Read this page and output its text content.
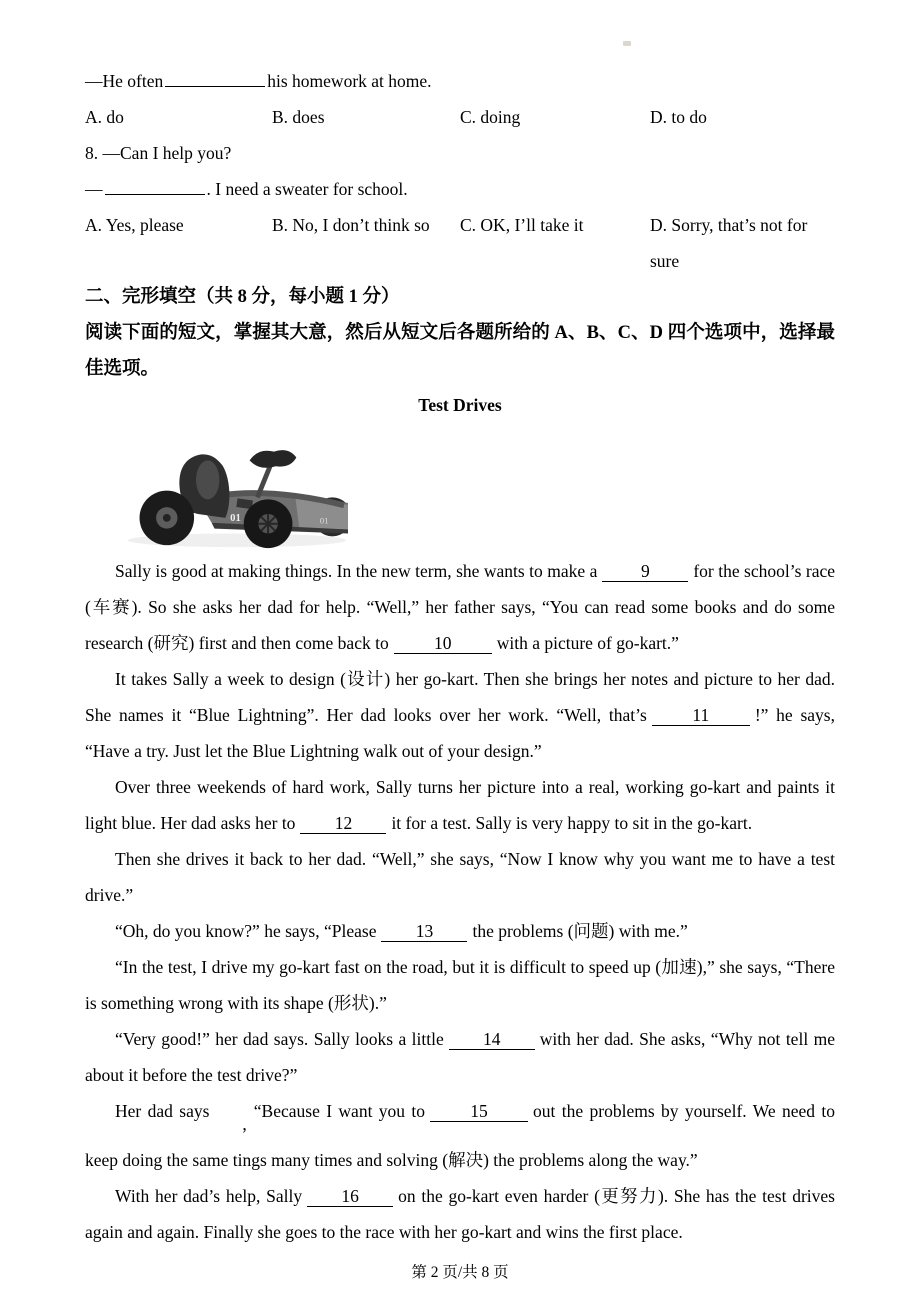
—He often	his homework at home.

A. do	B. does	C. doing	D. to do

8. —Can I help you?

—	. I need a sweater for school.

A. Yes, please	B. No, I don’t think so	C. OK, I’ll take it	D. Sorry, that’s not for sure

二、完形填空（共 8 分，每小题 1 分）

阅读下面的短文，掌握其大意，然后从短文后各题所给的 A、B、C、D 四个选项中，选择最佳选项。

Test Drives

01	01

Sally is good at making things. In the new term, she wants to make a 9 for the school’s race (车赛). So she asks her dad for help. “Well,” her father says, “You can read some books and do some research (研究) first and then come back to	10	with a picture of go-kart.”

It takes Sally a week to design (设计) her go-kart. Then she brings her notes and picture to her dad. She names it “Blue Lightning”. Her dad looks over her work. “Well, that’s	11	!” he says, “Have a try. Just let the Blue Lightning walk out of your design.”

Over three weekends of hard work, Sally turns her picture into a real, working go-kart and paints it light blue. Her dad asks her to 12 it for a test. Sally is very happy to sit in the go-kart.

Then she drives it back to her dad. “Well,” she says, “Now I know why you want me to have a test drive.”

“Oh, do you know?” he says, “Please 13 the problems (问题) with me.”

“In the test, I drive my go-kart fast on the road, but it is difficult to speed up (加速),” she says, “There is something wrong with its shape (形状).”

“Very good!” her dad says. Sally looks a little 14 with her dad. She asks, “Why not tell me about it before the test drive?”

Her dad says,“Because I want you to	15	out the problems by yourself. We need to keep doing the same tings many times and solving (解决) the problems along the way.”

With her dad’s help, Sally 16 on the go-kart even harder (更努力). She has the test drives again and again. Finally she goes to the race with her go-kart and wins the first place.

第 2 页/共 8 页
